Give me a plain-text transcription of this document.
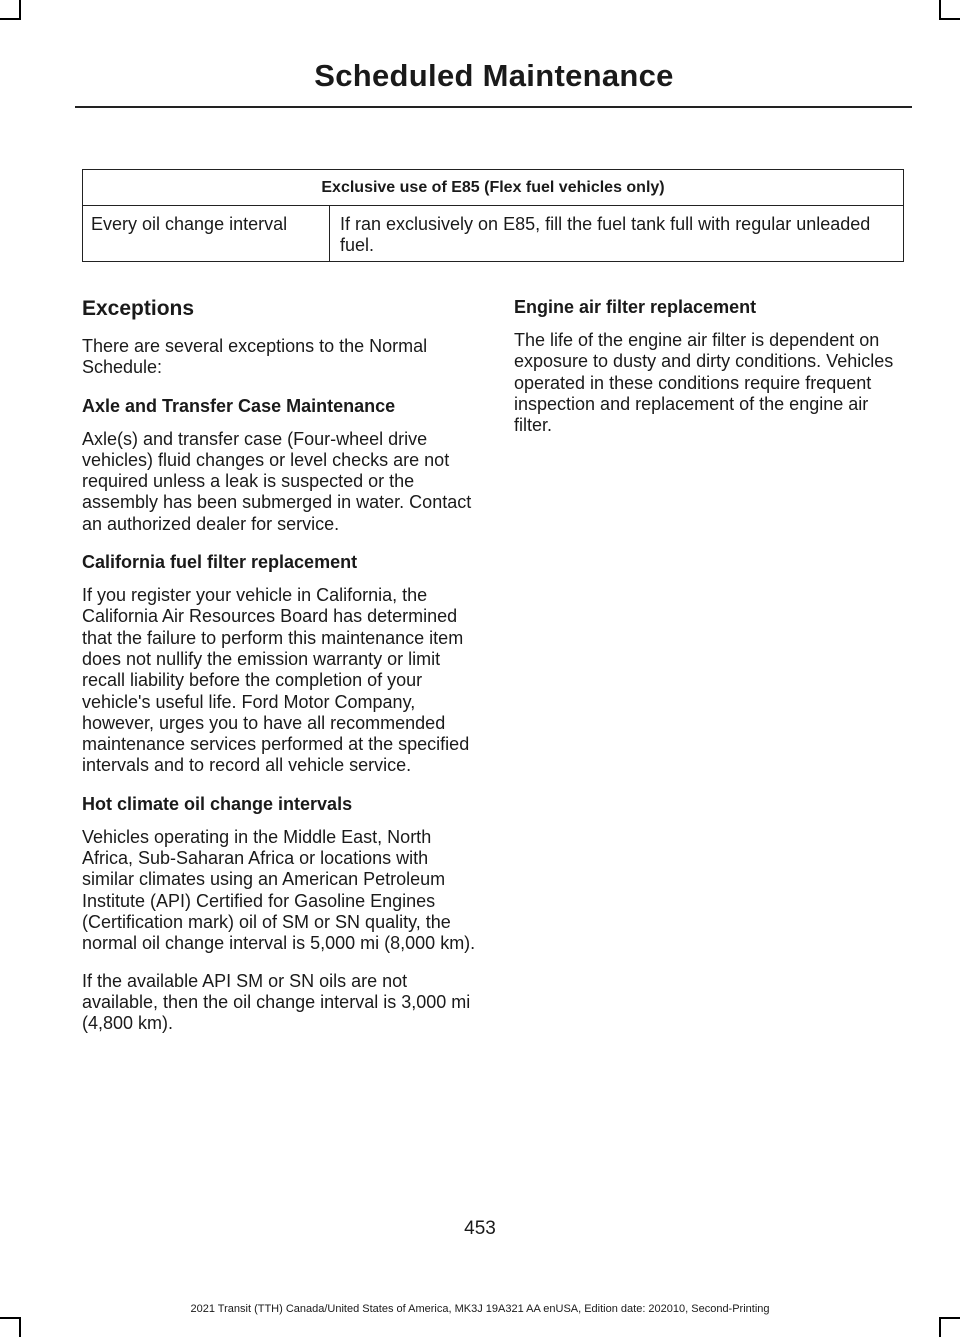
Scheduled Maintenance
Exclusive use of E85 (Flex fuel vehicles only)
Every oil change interval	If ran exclusively on E85, fill the fuel tank full with regular unleaded fuel.
Exceptions

There are several exceptions to the Normal Schedule:

Axle and Transfer Case Maintenance

Axle(s) and transfer case (Four-wheel drive vehicles) fluid changes or level checks are not required unless a leak is suspected or the assembly has been submerged in water. Contact an authorized dealer for service.

California fuel filter replacement

If you register your vehicle in California, the California Air Resources Board has determined that the failure to perform this maintenance item does not nullify the emission warranty or limit recall liability before the completion of your vehicle's useful life. Ford Motor Company, however, urges you to have all recommended maintenance services performed at the specified intervals and to record all vehicle service.

Hot climate oil change intervals

Vehicles operating in the Middle East, North Africa, Sub-Saharan Africa or locations with similar climates using an American Petroleum Institute (API) Certified for Gasoline Engines (Certification mark) oil of SM or SN quality, the normal oil change interval is 5,000 mi (8,000 km).

If the available API SM or SN oils are not available, then the oil change interval is 3,000 mi (4,800 km).

Engine air filter replacement

The life of the engine air filter is dependent on exposure to dusty and dirty conditions. Vehicles operated in these conditions require frequent inspection and replacement of the engine air filter.

453
2021 Transit (TTH) Canada/United States of America, MK3J 19A321 AA enUSA, Edition date: 202010, Second-Printing
